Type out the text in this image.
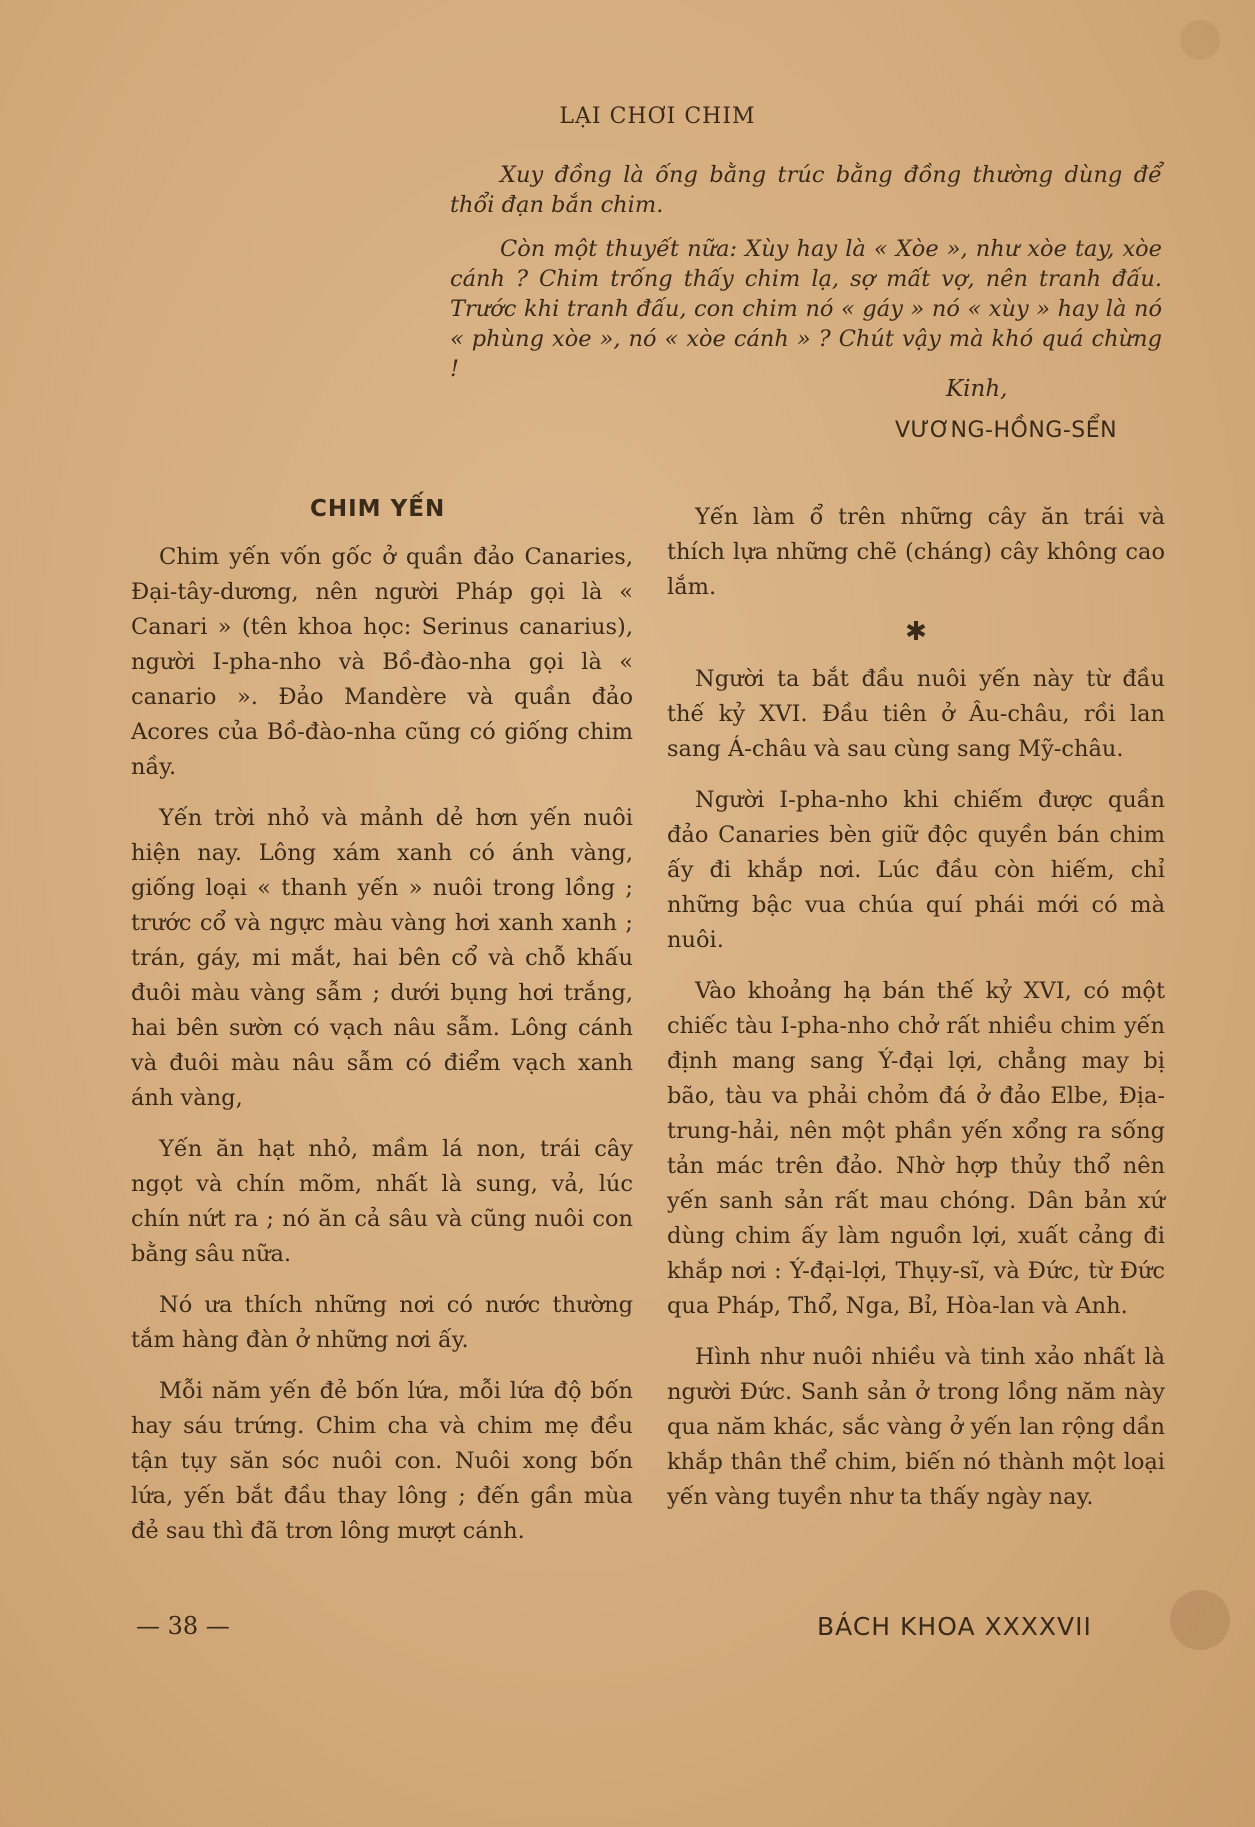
LẠI CHƠI CHIM

Xuy đồng là ống bằng trúc bằng đồng thường dùng để thổi đạn bắn chim.

Còn một thuyết nữa: Xùy hay là « Xòe », như xòe tay, xòe cánh ? Chim trống thấy chim lạ, sợ mất vợ, nên tranh đấu. Trước khi tranh đấu, con chim nó « gáy » nó « xùy » hay là nó « phùng xòe », nó « xòe cánh » ? Chút vậy mà khó quá chừng !

Kinh,
VƯƠNG-HỒNG-SỂN
CHIM YẾN

Chim yến vốn gốc ở quần đảo Canaries, Đại-tây-dương, nên người Pháp gọi là « Canari » (tên khoa học: Serinus canarius), người I-pha-nho và Bồ-đào-nha gọi là « canario ». Đảo Mandère và quần đảo Acores của Bồ-đào-nha cũng có giống chim nầy.

Yến trời nhỏ và mảnh dẻ hơn yến nuôi hiện nay. Lông xám xanh có ánh vàng, giống loại « thanh yến » nuôi trong lồng ; trước cổ và ngực màu vàng hơi xanh xanh ; trán, gáy, mi mắt, hai bên cổ và chỗ khấu đuôi màu vàng sẫm ; dưới bụng hơi trắng, hai bên sườn có vạch nâu sẫm. Lông cánh và đuôi màu nâu sẫm có điểm vạch xanh ánh vàng,

Yến ăn hạt nhỏ, mầm lá non, trái cây ngọt và chín mõm, nhất là sung, vả, lúc chín nứt ra ; nó ăn cả sâu và cũng nuôi con bằng sâu nữa.

Nó ưa thích những nơi có nước thường tắm hàng đàn ở những nơi ấy.

Mỗi năm yến đẻ bốn lứa, mỗi lứa độ bốn hay sáu trứng. Chim cha và chim mẹ đều tận tụy săn sóc nuôi con. Nuôi xong bốn lứa, yến bắt đầu thay lông ; đến gần mùa đẻ sau thì đã trơn lông mượt cánh.

Yến làm ổ trên những cây ăn trái và thích lựa những chẽ (cháng) cây không cao lắm.

✱

Người ta bắt đầu nuôi yến này từ đầu thế kỷ XVI. Đầu tiên ở Âu-châu, rồi lan sang Á-châu và sau cùng sang Mỹ-châu.

Người I-pha-nho khi chiếm được quần đảo Canaries bèn giữ độc quyền bán chim ấy đi khắp nơi. Lúc đầu còn hiếm, chỉ những bậc vua chúa quí phái mới có mà nuôi.

Vào khoảng hạ bán thế kỷ XVI, có một chiếc tàu I-pha-nho chở rất nhiều chim yến định mang sang Ý-đại lợi, chẳng may bị bão, tàu va phải chỏm đá ở đảo Elbe, Địa-trung-hải, nên một phần yến xổng ra sống tản mác trên đảo. Nhờ hợp thủy thổ nên yến sanh sản rất mau chóng. Dân bản xứ dùng chim ấy làm nguồn lợi, xuất cảng đi khắp nơi : Ý-đại-lợi, Thụy-sĩ, và Đức, từ Đức qua Pháp, Thổ, Nga, Bỉ, Hòa-lan và Anh.

Hình như nuôi nhiều và tinh xảo nhất là người Đức. Sanh sản ở trong lồng năm này qua năm khác, sắc vàng ở yến lan rộng dần khắp thân thể chim, biến nó thành một loại yến vàng tuyền như ta thấy ngày nay.

— 38 —	BÁCH KHOA XXXXVII
